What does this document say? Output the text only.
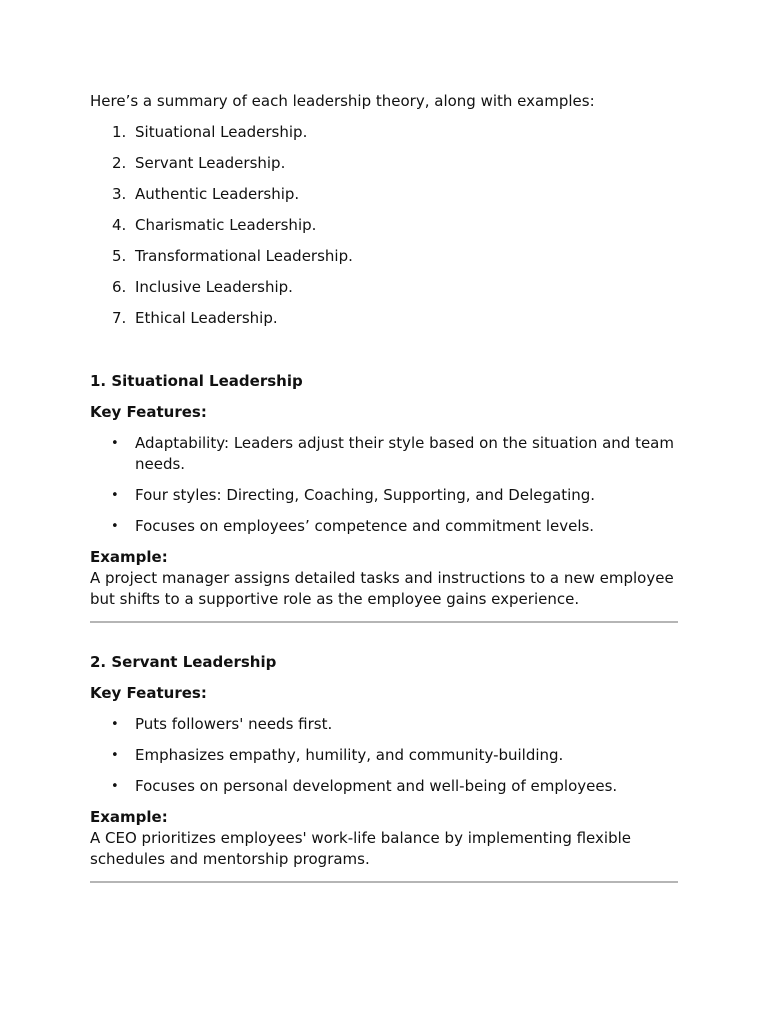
Here’s a summary of each leadership theory, along with examples:

1. Situational Leadership.
2. Servant Leadership.
3. Authentic Leadership.
4. Charismatic Leadership.
5. Transformational Leadership.
6. Inclusive Leadership.
7. Ethical Leadership.

1. Situational Leadership

Key Features:

• Adaptability: Leaders adjust their style based on the situation and team needs.
• Four styles: Directing, Coaching, Supporting, and Delegating.
• Focuses on employees’ competence and commitment levels.

Example:

A project manager assigns detailed tasks and instructions to a new employee but shifts to a supportive role as the employee gains experience.

2. Servant Leadership

Key Features:

• Puts followers' needs first.
• Emphasizes empathy, humility, and community-building.
• Focuses on personal development and well-being of employees.

Example:

A CEO prioritizes employees' work-life balance by implementing flexible schedules and mentorship programs.
